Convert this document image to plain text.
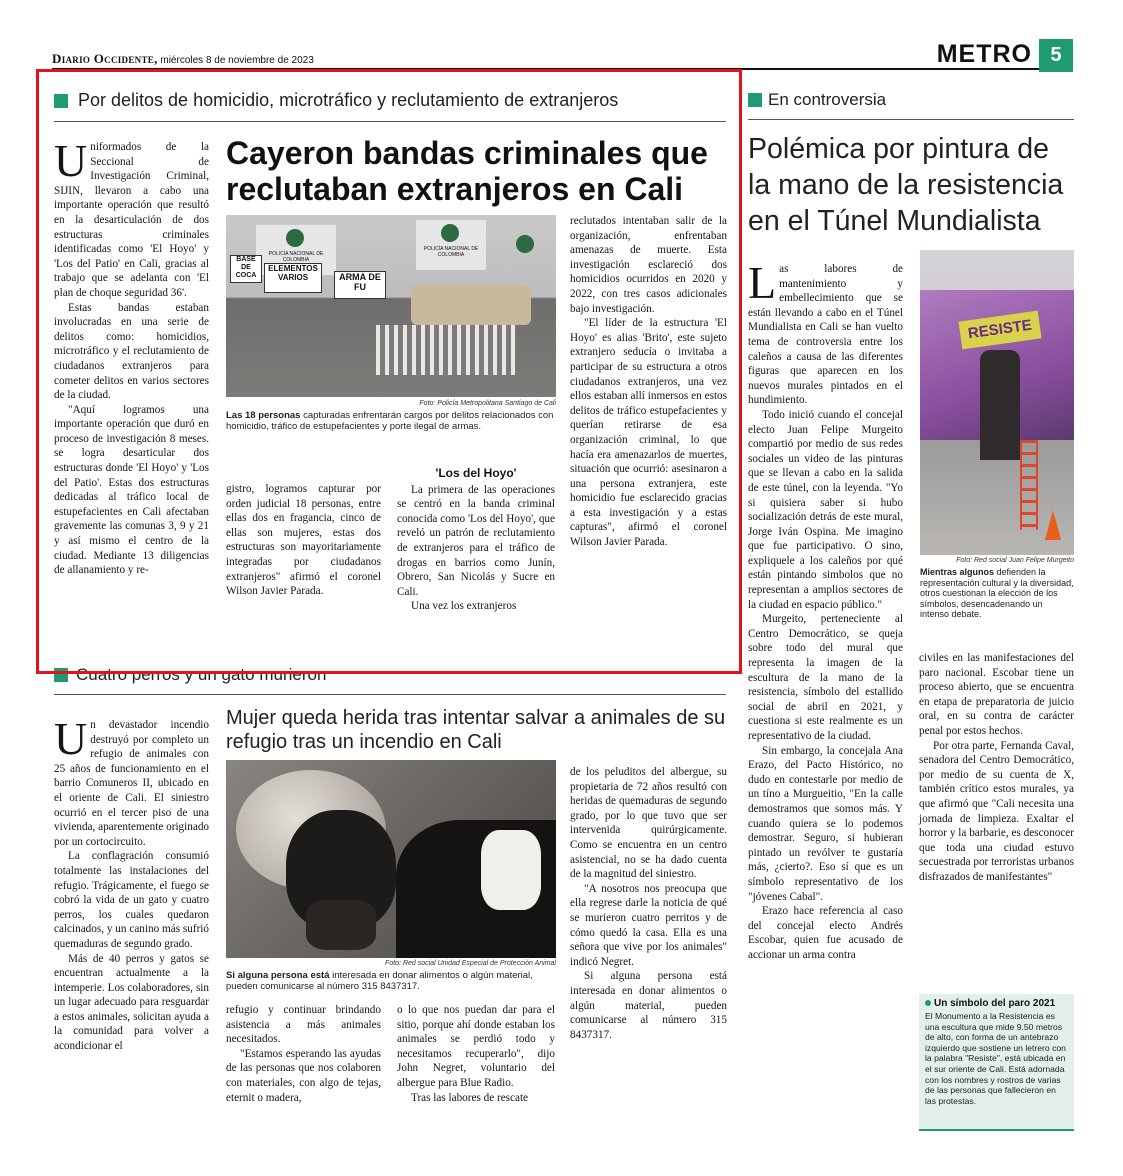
Diario Occidente, miércoles 8 de noviembre de 2023	METRO 5
Por delitos de homicidio, microtráfico y reclutamiento de extranjeros

Uniformados de la Seccional de Investigación Criminal, SIJIN, llevaron a cabo una importante operación que resultó en la desarticulación de dos estructuras criminales identificadas como 'El Hoyo' y 'Los del Patio' en Cali, gracias al trabajo que se adelanta con 'El plan de choque seguridad 36'.

Estas bandas estaban involucradas en una serie de delitos como: homicidios, microtráfico y el reclutamiento de ciudadanos extranjeros para cometer delitos en varios sectores de la ciudad.

"Aquí logramos una importante operación que duró en proceso de investigación 8 meses. se logra desarticular dos estructuras donde 'El Hoyo' y 'Los del Patio'. Estas dos estructuras dedicadas al tráfico local de estupefacientes en Cali afectaban gravemente las comunas 3, 9 y 21 y así mismo el centro de la ciudad. Mediante 13 diligencias de allanamiento y re-

Cayeron bandas criminales que reclutaban extranjeros en Cali
POLICÍA NACIONAL DE COLOMBIA
POLICÍA NACIONAL DE COLOMBIA
BASE DE COCA
ELEMENTOS VARIOS	ARMA DE FU
Foto: Policía Metropolitana Santiago de Cali
Las 18 personas capturadas enfrentarán cargos por delitos relacionados con homicidio, tráfico de estupefacientes y porte ilegal de armas.

gistro, logramos capturar por orden judicial 18 personas, entre ellas dos en fragancia, cinco de ellas son mujeres, estas dos estructuras son mayoritariamente integradas por ciudadanos extranjeros" afirmó el coronel Wilson Javier Parada.

'Los del Hoyo'

La primera de las operaciones se centró en la banda criminal conocida como 'Los del Hoyo', que reveló un patrón de reclutamiento de extranjeros para el tráfico de drogas en barrios como Junín, Obrero, San Nicolás y Sucre en Cali.

Una vez los extranjeros

reclutados intentaban salir de la organización, enfrentaban amenazas de muerte. Esta investigación esclareció dos homicidios ocurridos en 2020 y 2022, con tres casos adicionales bajo investigación.

"El líder de la estructura 'El Hoyo' es alias 'Brito', este sujeto extranjero seducía o invitaba a participar de su estructura a otros ciudadanos extranjeros, una vez ellos estaban allí inmersos en estos delitos de tráfico estupefacientes y querían retirarse de esa organización criminal, lo que hacía era amenazarlos de muertes, situación que ocurrió: asesinaron a una persona extranjera, este homicidio fue esclarecido gracias a esta investigación y a estas capturas", afirmó el coronel Wilson Javier Parada.

En controversia
Polémica por pintura de la mano de la resistencia en el Túnel Mundialista

Las labores de mantenimiento y embellecimiento que se están llevando a cabo en el Túnel Mundialista en Cali se han vuelto tema de controversia entre los caleños a causa de las diferentes figuras que aparecen en los nuevos murales pintados en el hundimiento.

Todo inició cuando el concejal electo Juan Felipe Murgeito compartió por medio de sus redes sociales un video de las pinturas que se llevan a cabo en la salida de este túnel, con la leyenda. "Yo si quisiera saber si hubo socialización detrás de este mural, Jorge Iván Ospina. Me imagino que fue participativo. O sino, expliquele a los caleños por qué están pintando simbolos que no representan a amplios sectores de la ciudad en espacio público."

Murgeito, perteneciente al Centro Democrático, se queja sobre todo del mural que representa la imagen de la escultura de la mano de la resistencia, símbolo del estallido social de abril en 2021, y cuestiona si este realmente es un representativo de la ciudad.

Sin embargo, la concejala Ana Erazo, del Pacto Histórico, no dudo en contestarle por medio de un tíno a Murgueitio, "En la calle demostramos que somos más. Y cuando quiera se lo podemos demostrar. Seguro, si hubieran pintado un revólver te gustaría más, ¿cierto?. Eso sí que es un símbolo representativo de los "jóvenes Cabal".

Erazo hace referencia al caso del concejal electo Andrés Escobar, quien fue acusado de accionar un arma contra

RESISTE
Foto: Red social Juan Felipe Murgeito
Mientras algunos defienden la representación cultural y la diversidad, otros cuestionan la elección de los símbolos, desencadenando un intenso debate.

civiles en las manifestaciones del paro nacional. Escobar tiene un proceso abierto, que se encuentra en etapa de preparatoria de juicio oral, en su contra de carácter penal por estos hechos.

Por otra parte, Fernanda Caval, senadora del Centro Democrático, por medio de su cuenta de X, también crítico estos murales, ya que afirmó que "Cali necesita una jornada de limpieza. Exaltar el horror y la barbarie, es desconocer que toda una ciudad estuvo secuestrada por terroristas urbanos disfrazados de manifestantes"

Un símbolo del paro 2021
El Monumento a la Resistencia es una escultura que mide 9.50 metros de alto, con forma de un antebrazo izquierdo que sostiene un letrero con la palabra "Resiste", está ubicada en el sur oriente de Cali. Está adornada con los nombres y rostros de varias de las personas que fallecieron en las protestas.
Cuatro perros y un gato murieron

Un devastador incendio destruyó por completo un refugio de animales con 25 años de funcionamiento en el barrio Comuneros II, ubicado en el oriente de Cali. El siniestro ocurrió en el tercer piso de una vivienda, aparentemente originado por un cortocircuito.

La conflagración consumió totalmente las instalaciones del refugio. Trágicamente, el fuego se cobró la vida de un gato y cuatro perros, los cuales quedaron calcinados, y un canino más sufrió quemaduras de segundo grado.

Más de 40 perros y gatos se encuentran actualmente a la intemperie. Los colaboradores, sin un lugar adecuado para resguardar a estos animales, solicitan ayuda a la comunidad para volver a acondicionar el

Mujer queda herida tras intentar salvar a animales de su refugio tras un incendio en Cali
Foto: Red social Unidad Especial de Protección Animal
Si alguna persona está interesada en donar alimentos o algún material, pueden comunicarse al número 315 8437317.

refugio y continuar brindando asistencia a más animales necesitados.

"Estamos esperando las ayudas de las personas que nos colaboren con materiales, con algo de tejas, eternit o madera,

o lo que nos puedan dar para el sitio, porque ahí donde estaban los animales se perdió todo y necesitamos recuperarlo", dijo John Negret, voluntario del albergue para Blue Radio.

Tras las labores de rescate

de los peluditos del albergue, su propietaria de 72 años resultó con heridas de quemaduras de segundo grado, por lo que tuvo que ser intervenida quirúrgicamente. Como se encuentra en un centro asistencial, no se ha dado cuenta de la magnitud del siniestro.

"A nosotros nos preocupa que ella regrese darle la noticia de qué se murieron cuatro perritos y de cómo quedó la casa. Ella es una señora que vive por los animales" indicó Negret.

Si alguna persona está interesada en donar alimentos o algún material, pueden comunicarse al número 315 8437317.
